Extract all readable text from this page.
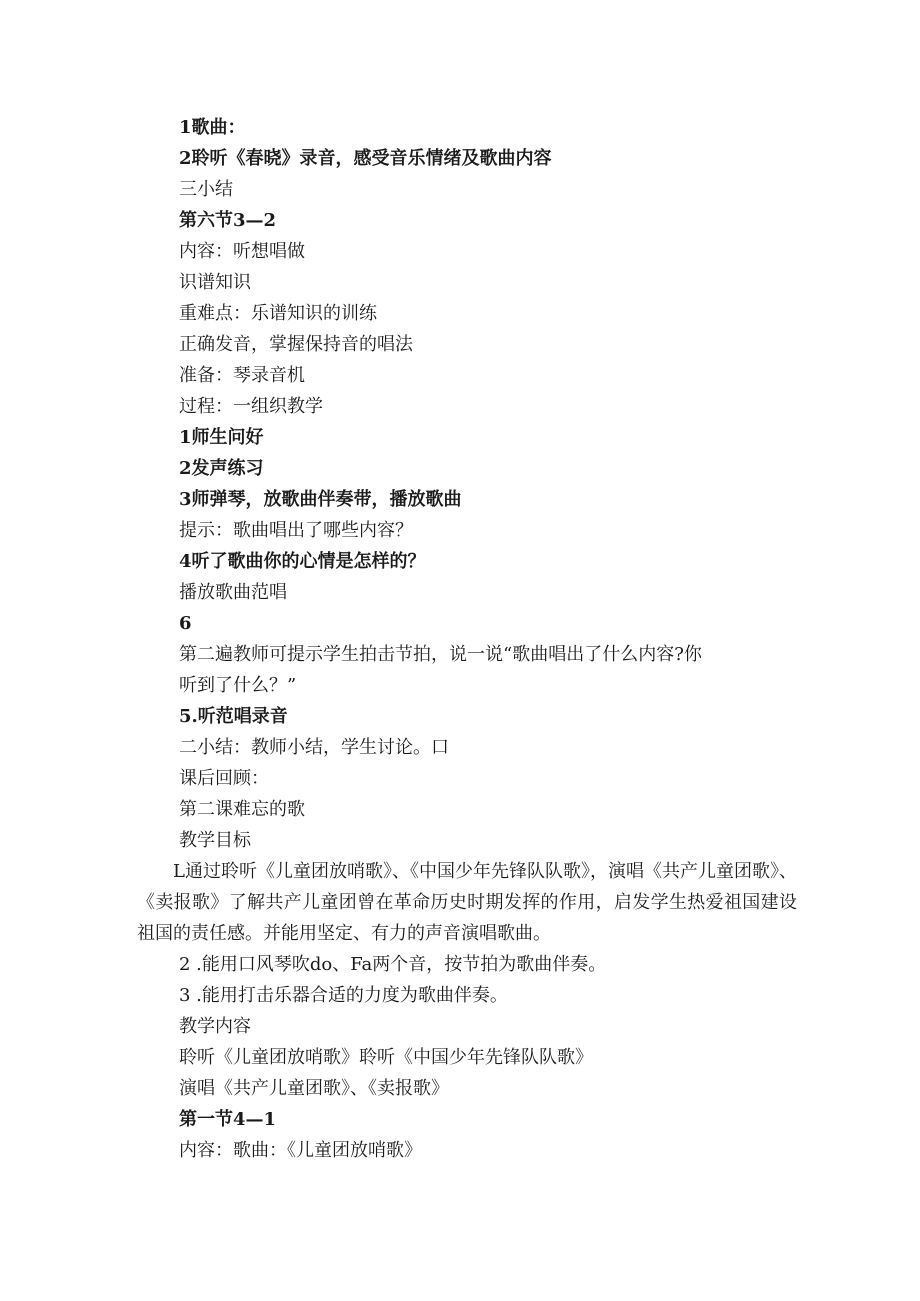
1歌曲：
2聆听《春晓》录音，感受音乐情绪及歌曲内容
三小结
第六节3—2
内容：听想唱做
识谱知识
重难点：乐谱知识的训练
正确发音，掌握保持音的唱法
准备：琴录音机
过程：一组织教学
1师生问好
2发声练习
3师弹琴，放歌曲伴奏带，播放歌曲
提示：歌曲唱出了哪些内容？
4听了歌曲你的心情是怎样的？
播放歌曲范唱
6
第二遍教师可提示学生拍击节拍，说一说“歌曲唱出了什么内容?你
听到了什么？”
5.听范唱录音
二小结：教师小结，学生讨论。口
课后回顾：
第二课难忘的歌
教学目标
L通过聆听《儿童团放哨歌》、《中国少年先锋队队歌》，演唱《共产儿童团歌》、《卖报歌》了解共产儿童团曾在革命历史时期发挥的作用，启发学生热爱祖国建设祖国的责任感。并能用坚定、有力的声音演唱歌曲。
2 .能用口风琴吹do、Fa两个音，按节拍为歌曲伴奏。
3 .能用打击乐器合适的力度为歌曲伴奏。
教学内容
聆听《儿童团放哨歌》聆听《中国少年先锋队队歌》
演唱《共产儿童团歌》、《卖报歌》
第一节4—1
内容：歌曲：《儿童团放哨歌》
